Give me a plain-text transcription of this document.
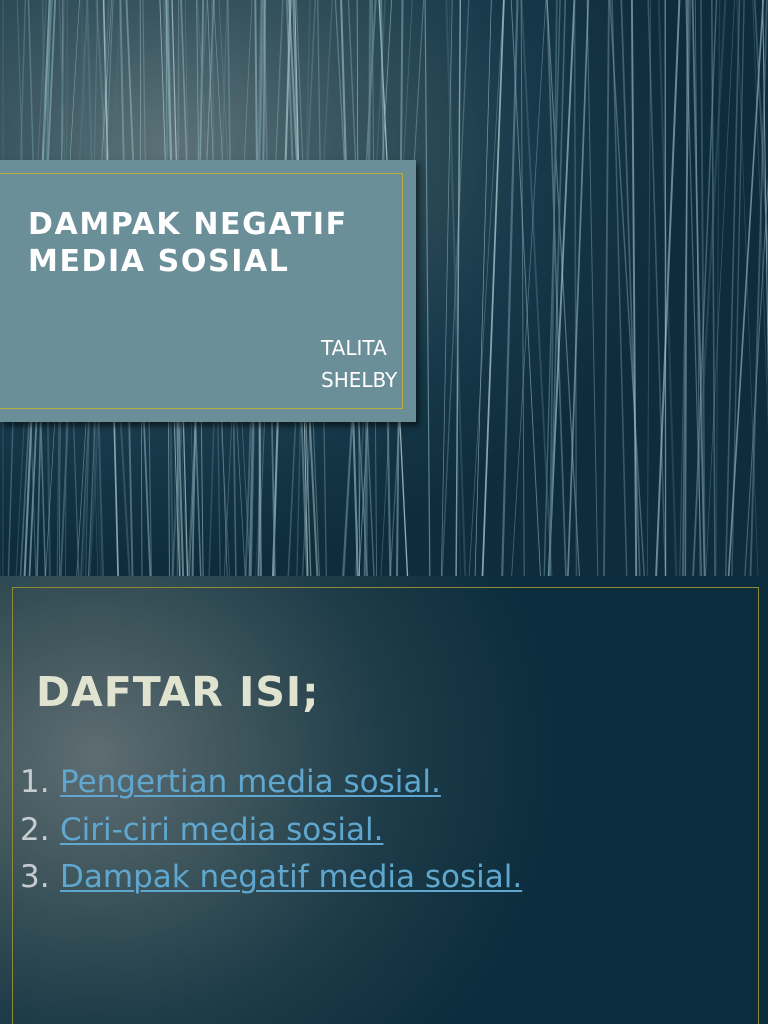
DAMPAK NEGATIF
MEDIA SOSIAL
TALITA
SHELBY
DAFTAR ISI;
1. Pengertian media sosial.
2. Ciri-ciri media sosial.
3. Dampak negatif media sosial.
